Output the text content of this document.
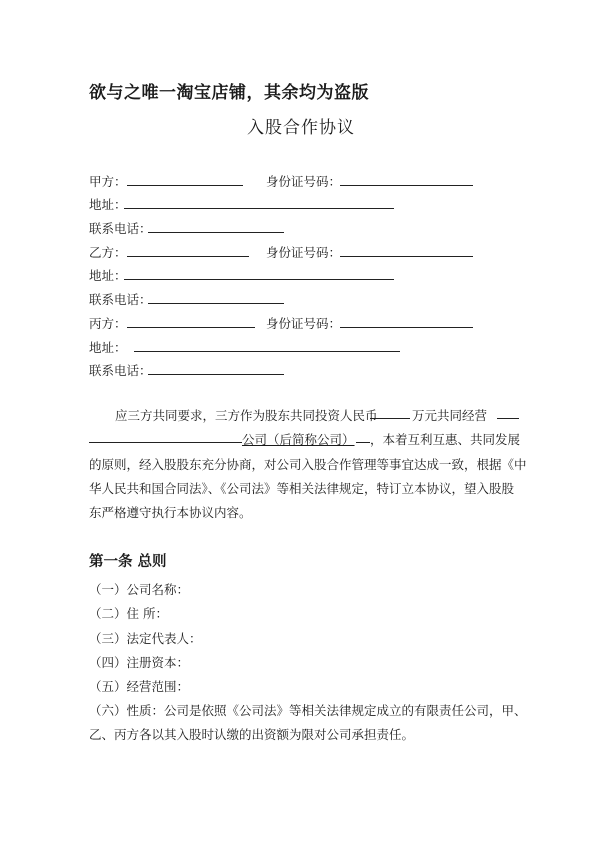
欲与之唯一淘宝店铺，其余均为盗版
入股合作协议
甲方：	身份证号码：
地址：
联系电话：
乙方：	身份证号码：
地址：
联系电话：
丙方：	身份证号码：
地址：
联系电话：
应三方共同要求，三方作为股东共同投资人民币	万元共同经营
公司（后简称公司） ，本着互利互惠、共同发展
的原则，经入股股东充分协商，对公司入股合作管理等事宜达成一致，根据《中
华人民共和国合同法》、《公司法》等相关法律规定，特订立本协议，望入股股
东严格遵守执行本协议内容。
第一条 总则
（一）公司名称：
（二）住 所：
（三）法定代表人：
（四）注册资本：
（五）经营范围：
（六）性质：公司是依照《公司法》等相关法律规定成立的有限责任公司，甲、
乙、丙方各以其入股时认缴的出资额为限对公司承担责任。
